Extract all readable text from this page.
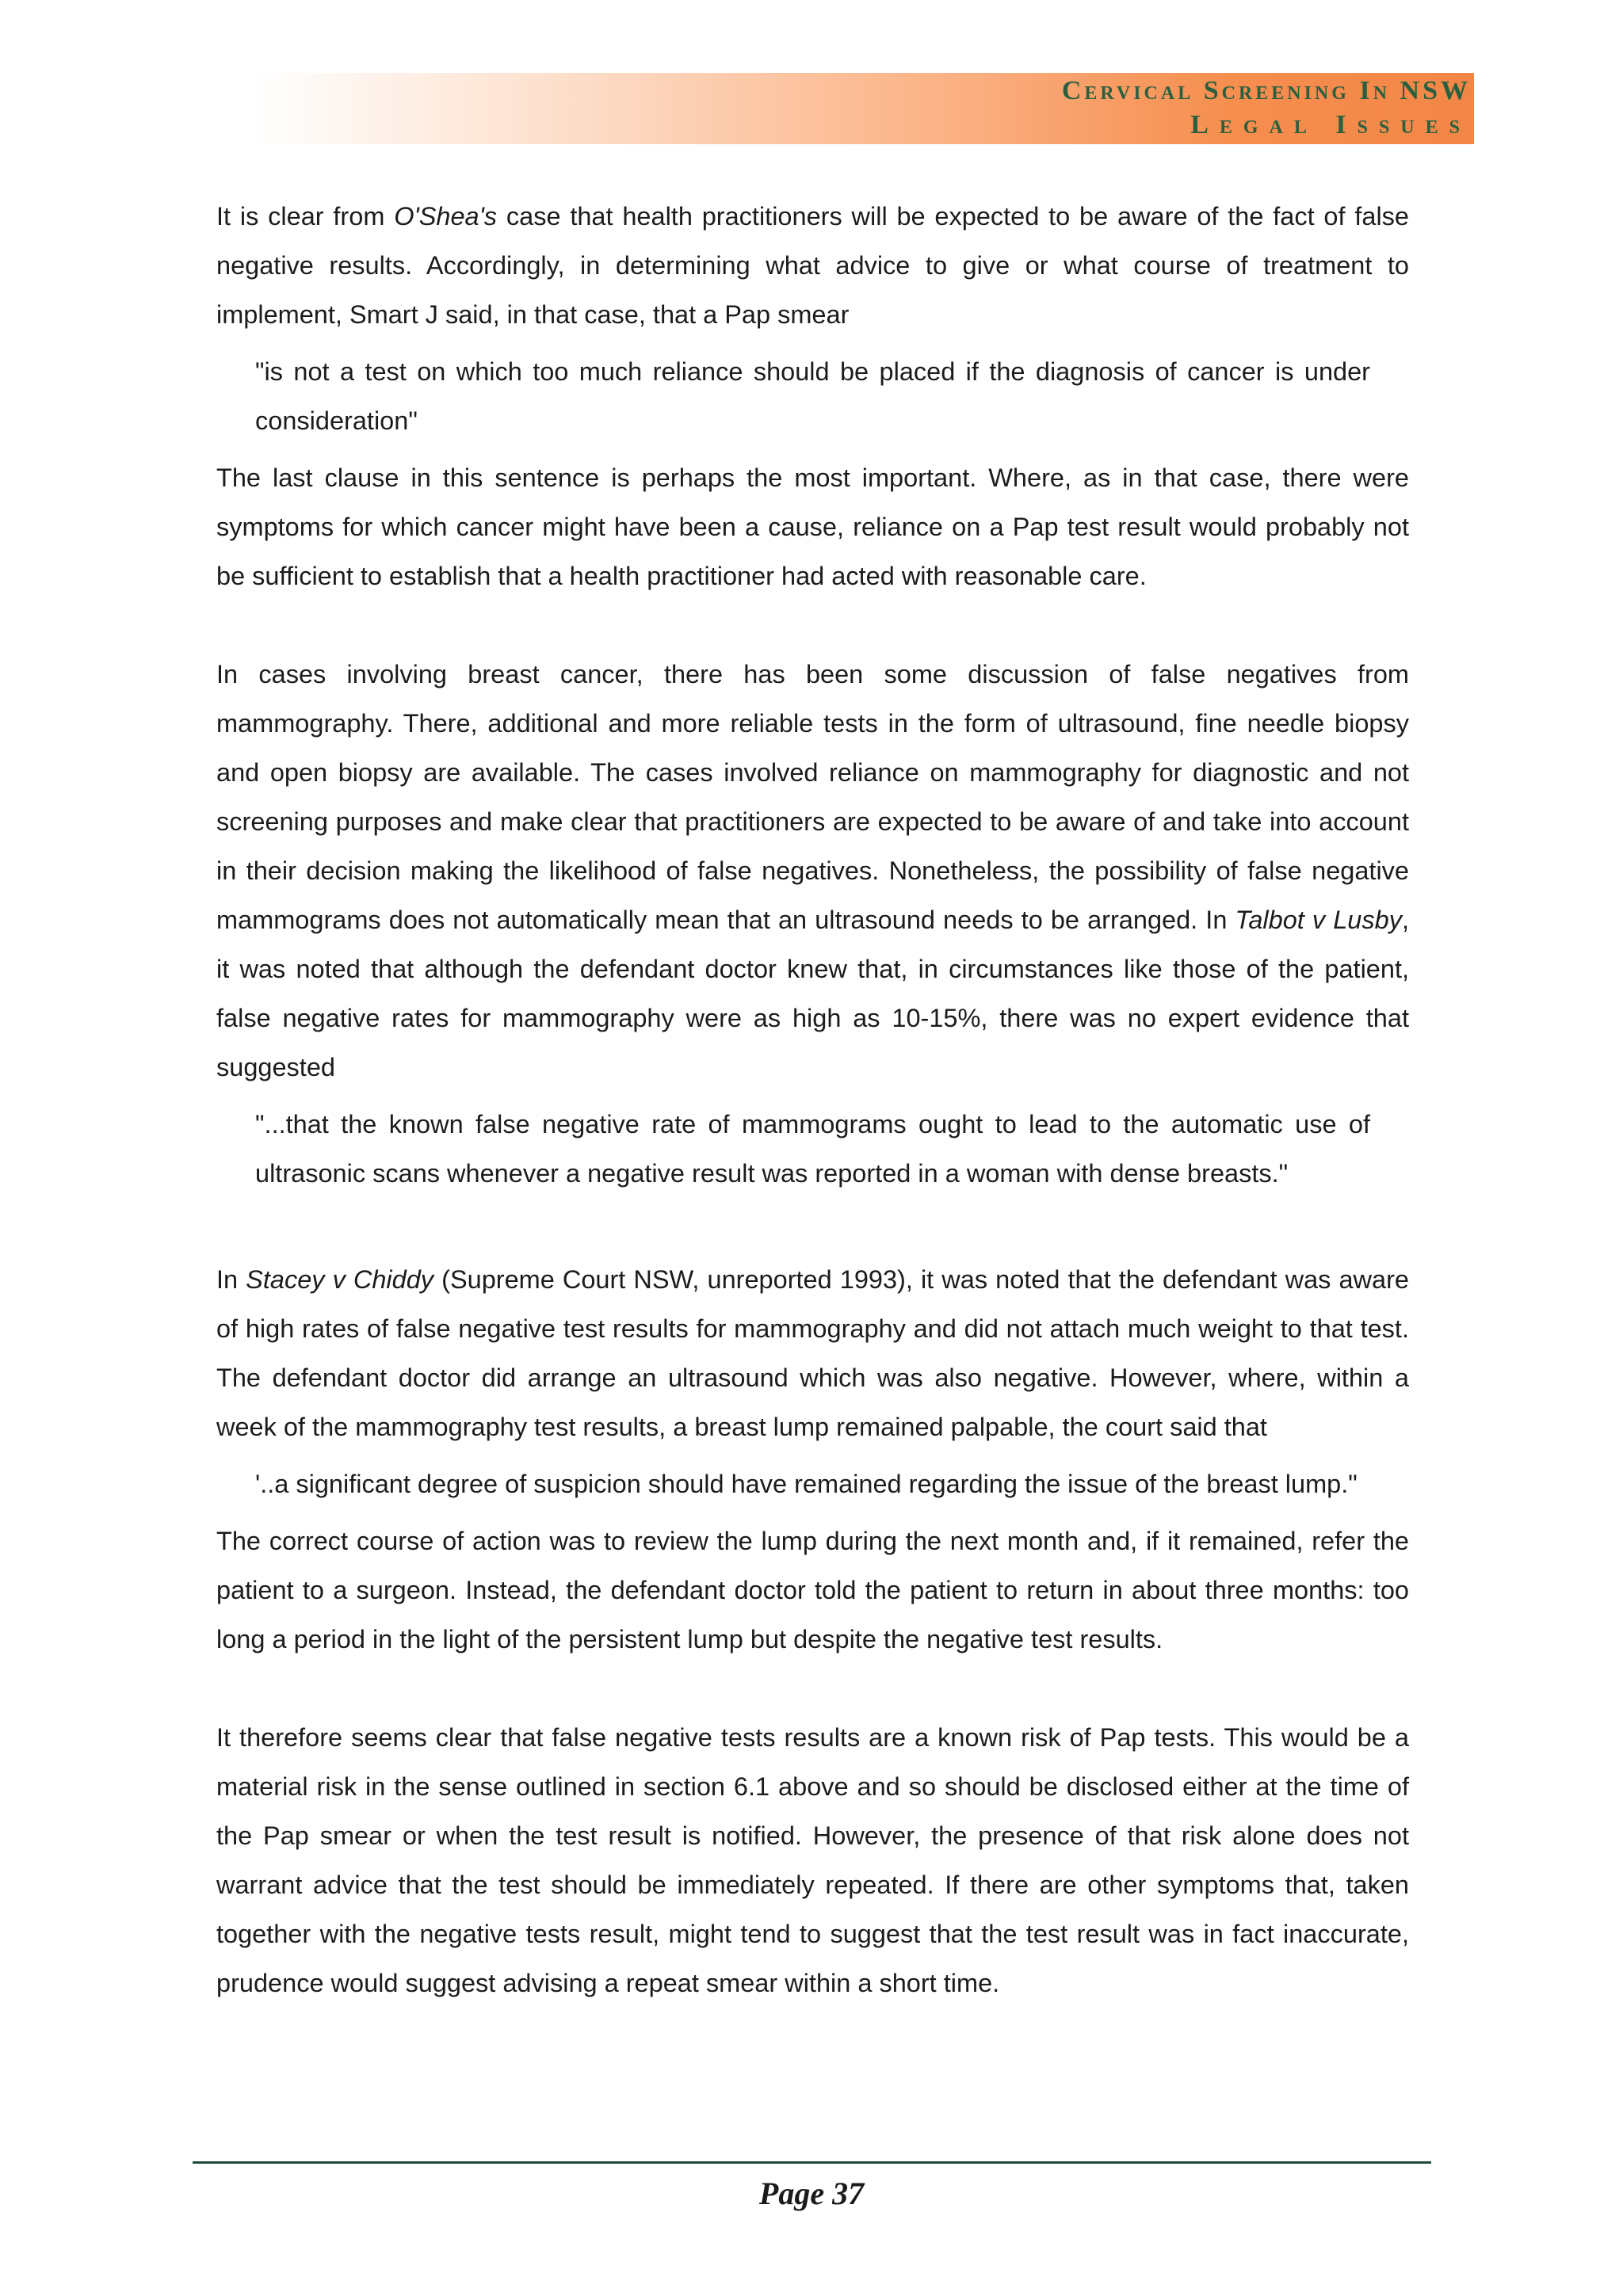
Cervical Screening In NSW
Legal Issues

It is clear from O'Shea's case that health practitioners will be expected to be aware of the fact of false negative results. Accordingly, in determining what advice to give or what course of treatment to implement, Smart J said, in that case, that a Pap smear

"is not a test on which too much reliance should be placed if the diagnosis of cancer is under consideration"

The last clause in this sentence is perhaps the most important. Where, as in that case, there were symptoms for which cancer might have been a cause, reliance on a Pap test result would probably not be sufficient to establish that a health practitioner had acted with reasonable care.

In cases involving breast cancer, there has been some discussion of false negatives from mammography. There, additional and more reliable tests in the form of ultrasound, fine needle biopsy and open biopsy are available. The cases involved reliance on mammography for diagnostic and not screening purposes and make clear that practitioners are expected to be aware of and take into account in their decision making the likelihood of false negatives. Nonetheless, the possibility of false negative mammograms does not automatically mean that an ultrasound needs to be arranged. In Talbot v Lusby, it was noted that although the defendant doctor knew that, in circumstances like those of the patient, false negative rates for mammography were as high as 10-15%, there was no expert evidence that suggested

"...that the known false negative rate of mammograms ought to lead to the automatic use of ultrasonic scans whenever a negative result was reported in a woman with dense breasts."

In Stacey v Chiddy (Supreme Court NSW, unreported 1993), it was noted that the defendant was aware of high rates of false negative test results for mammography and did not attach much weight to that test. The defendant doctor did arrange an ultrasound which was also negative. However, where, within a week of the mammography test results, a breast lump remained palpable, the court said that

'..a significant degree of suspicion should have remained regarding the issue of the breast lump."

The correct course of action was to review the lump during the next month and, if it remained, refer the patient to a surgeon. Instead, the defendant doctor told the patient to return in about three months: too long a period in the light of the persistent lump but despite the negative test results.

It therefore seems clear that false negative tests results are a known risk of Pap tests. This would be a material risk in the sense outlined in section 6.1 above and so should be disclosed either at the time of the Pap smear or when the test result is notified. However, the presence of that risk alone does not warrant advice that the test should be immediately repeated. If there are other symptoms that, taken together with the negative tests result, might tend to suggest that the test result was in fact inaccurate, prudence would suggest advising a repeat smear within a short time.

Page 37
